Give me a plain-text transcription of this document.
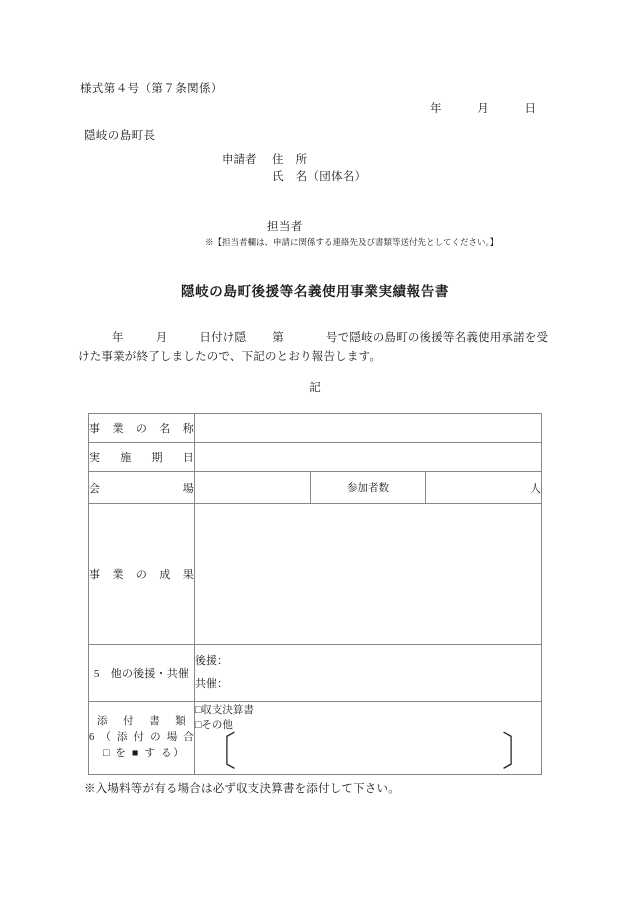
様式第４号（第７条関係）
年	月	日
隠岐の島町長
申請者	住　所
氏　名（団体名）
担当者
※【担当者欄は、申請に関係する連絡先及び書類等送付先としてください。】
隠岐の島町後援等名義使用事業実績報告書
年	月	日付け隠 第	号で隠岐の島町の後援等名義使用承諾を受けた事業が終了しましたので、下記のとおり報告します。
記
事 業 の 名 称			

実　施　期　日			

会　　　　　場		参加者数	人

事 業 の 成 果			

5　他の後援・共催	後援：
共催：		

添 付 書 類
6（添付の場合
□ を ■ す る）

□収支決算書
□その他
〔	〕
※入場料等が有る場合は必ず収支決算書を添付して下さい。
